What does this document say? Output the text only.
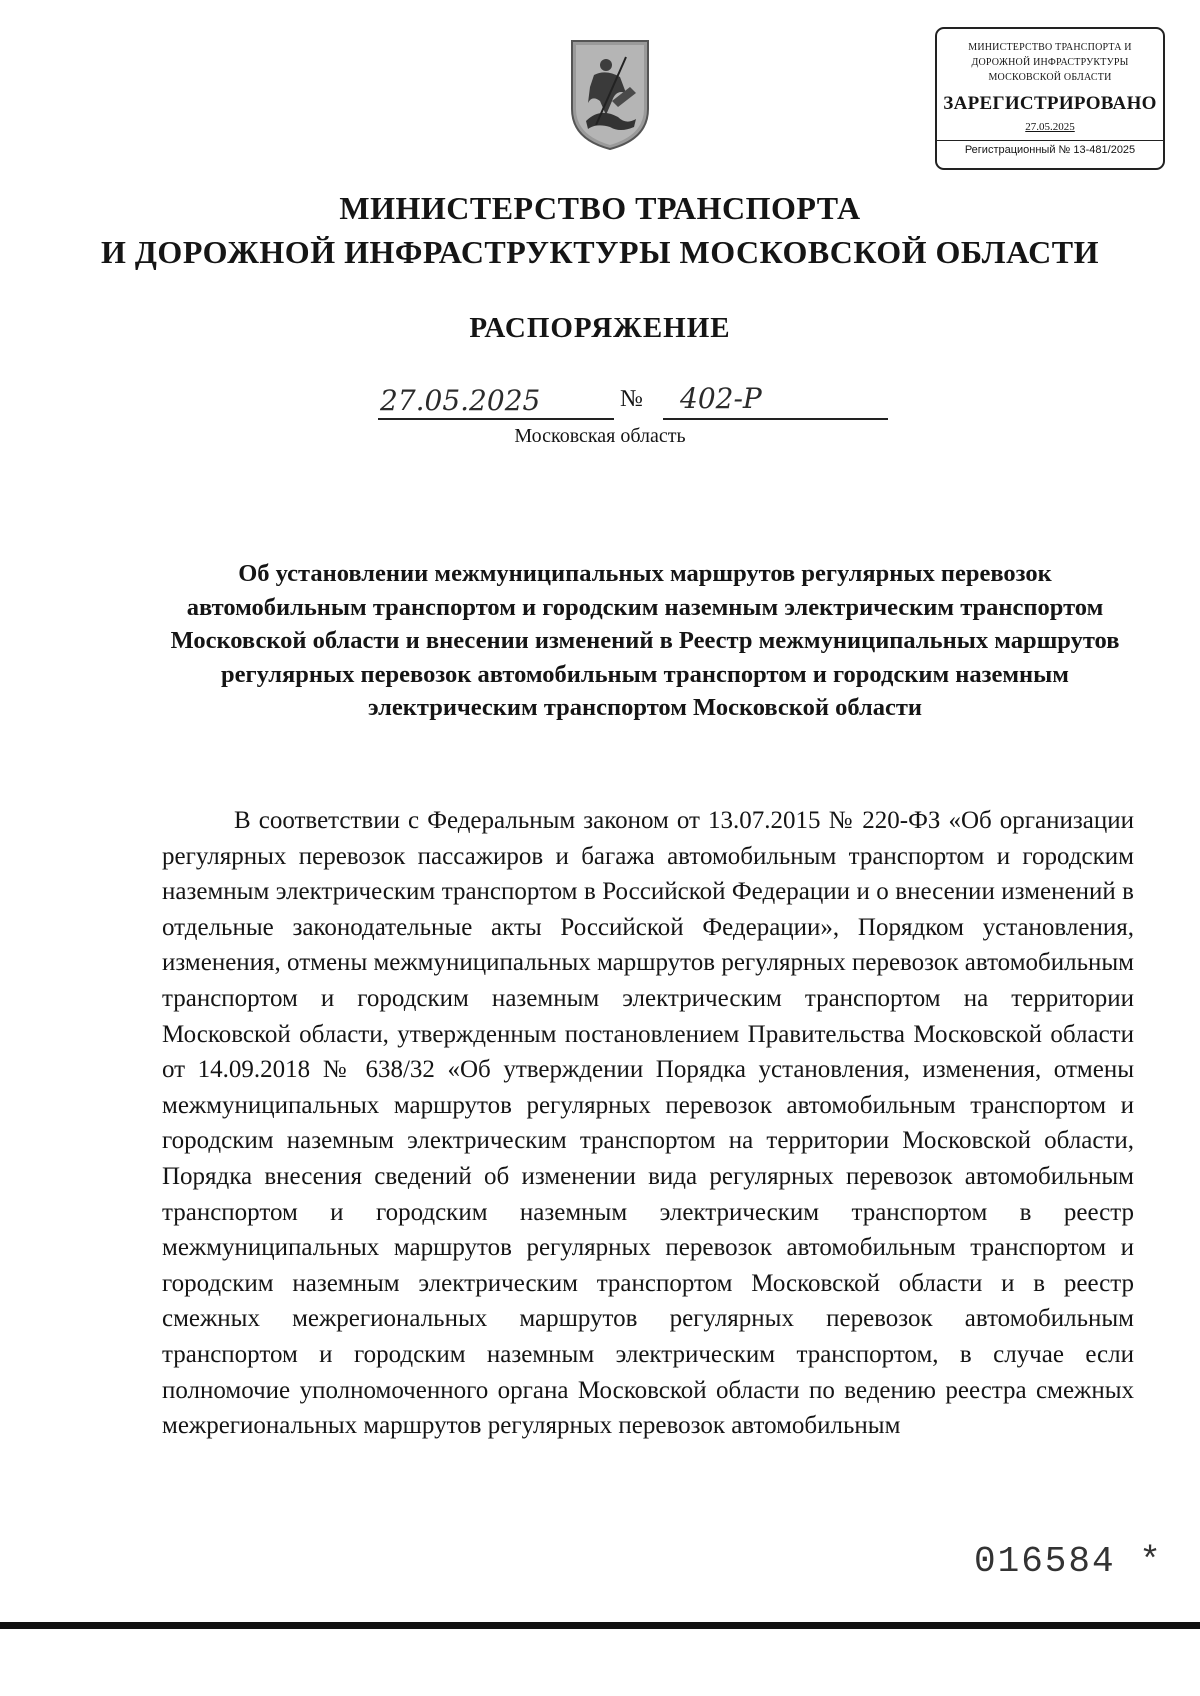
МИНИСТЕРСТВО ТРАНСПОРТА И
ДОРОЖНОЙ ИНФРАСТРУКТУРЫ
МОСКОВСКОЙ ОБЛАСТИ
ЗАРЕГИСТРИРОВАНО
27.05.2025
Регистрационный № 13-481/2025
МИНИСТЕРСТВО ТРАНСПОРТА
И ДОРОЖНОЙ ИНФРАСТРУКТУРЫ МОСКОВСКОЙ ОБЛАСТИ
РАСПОРЯЖЕНИЕ
27.05.2025	№ 402-Р
Московская область
Об установлении межмуниципальных маршрутов регулярных перевозок автомобильным транспортом и городским наземным электрическим транспортом Московской области и внесении изменений в Реестр межмуниципальных маршрутов регулярных перевозок автомобильным транспортом и городским наземным электрическим транспортом Московской области

В соответствии с Федеральным законом от 13.07.2015 № 220-ФЗ «Об организации регулярных перевозок пассажиров и багажа автомобильным транспортом и городским наземным электрическим транспортом в Российской Федерации и о внесении изменений в отдельные законодательные акты Российской Федерации», Порядком установления, изменения, отмены межмуниципальных маршрутов регулярных перевозок автомобильным транспортом и городским наземным электрическим транспортом на территории Московской области, утвержденным постановлением Правительства Московской области от 14.09.2018 № 638/32 «Об утверждении Порядка установления, изменения, отмены межмуниципальных маршрутов регулярных перевозок автомобильным транспортом и городским наземным электрическим транспортом на территории Московской области, Порядка внесения сведений об изменении вида регулярных перевозок автомобильным транспортом и городским наземным электрическим транспортом в реестр межмуниципальных маршрутов регулярных перевозок автомобильным транспортом и городским наземным электрическим транспортом Московской области и в реестр смежных межрегиональных маршрутов регулярных перевозок автомобильным транспортом и городским наземным электрическим транспортом, в случае если полномочие уполномоченного органа Московской области по ведению реестра смежных межрегиональных маршрутов регулярных перевозок автомобильным

016584 *
